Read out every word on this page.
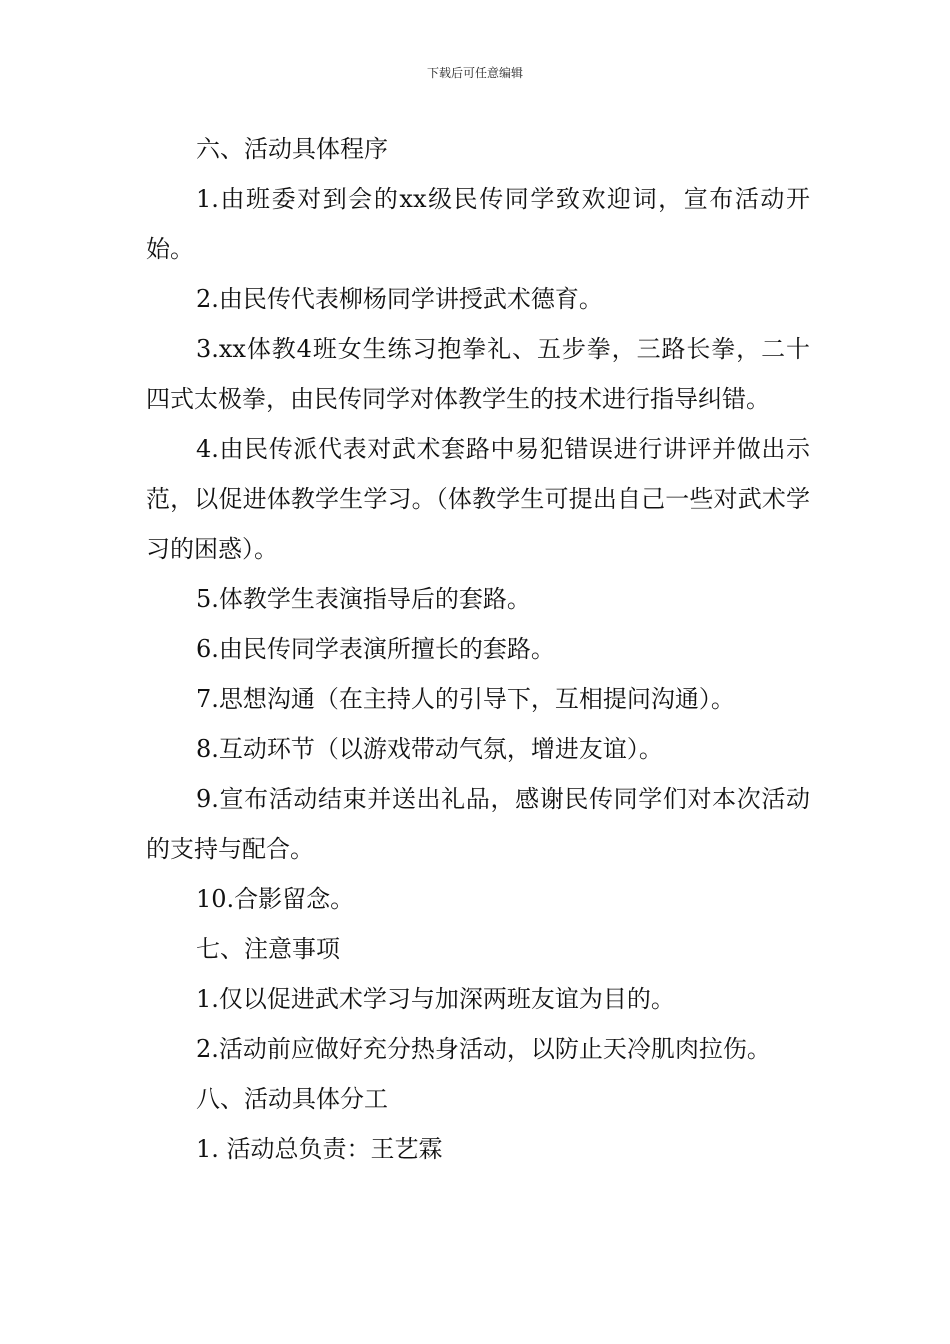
下载后可任意编辑

六、活动具体程序

1.由班委对到会的xx级民传同学致欢迎词，宣布活动开始。

2.由民传代表柳杨同学讲授武术德育。

3.xx体教4班女生练习抱拳礼、五步拳，三路长拳，二十四式太极拳，由民传同学对体教学生的技术进行指导纠错。

4.由民传派代表对武术套路中易犯错误进行讲评并做出示范，以促进体教学生学习。（体教学生可提出自己一些对武术学习的困惑）。

5.体教学生表演指导后的套路。

6.由民传同学表演所擅长的套路。

7.思想沟通（在主持人的引导下，互相提问沟通）。

8.互动环节（以游戏带动气氛，增进友谊）。

9.宣布活动结束并送出礼品，感谢民传同学们对本次活动的支持与配合。

10.合影留念。

七、注意事项

1.仅以促进武术学习与加深两班友谊为目的。

2.活动前应做好充分热身活动，以防止天冷肌肉拉伤。

八、活动具体分工

1. 活动总负责：王艺霖
